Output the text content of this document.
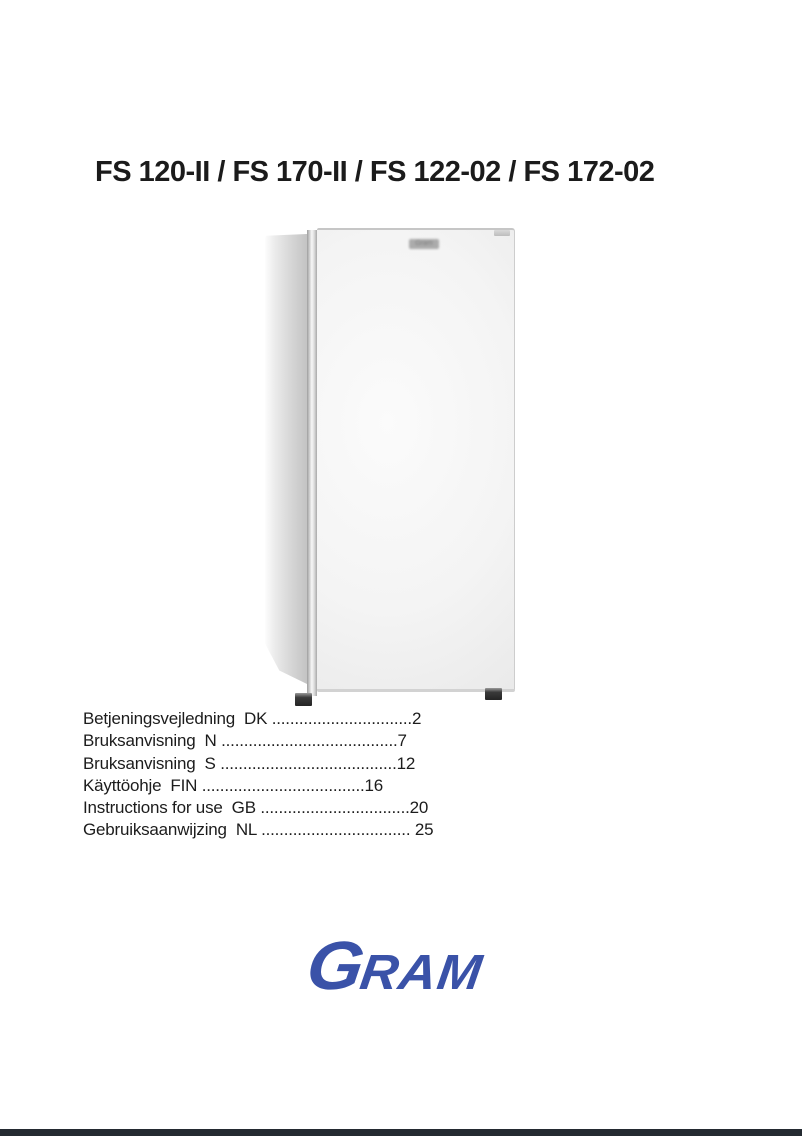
FS 120-II / FS 170-II / FS 122-02 / FS 172-02
Gram
Betjeningsvejledning  DK ...............................2
Bruksanvisning  N .......................................7
Bruksanvisning  S .......................................12
Käyttöohje  FIN ....................................16
Instructions for use  GB .................................20
Gebruiksaanwijzing  NL ................................. 25
GRAM
